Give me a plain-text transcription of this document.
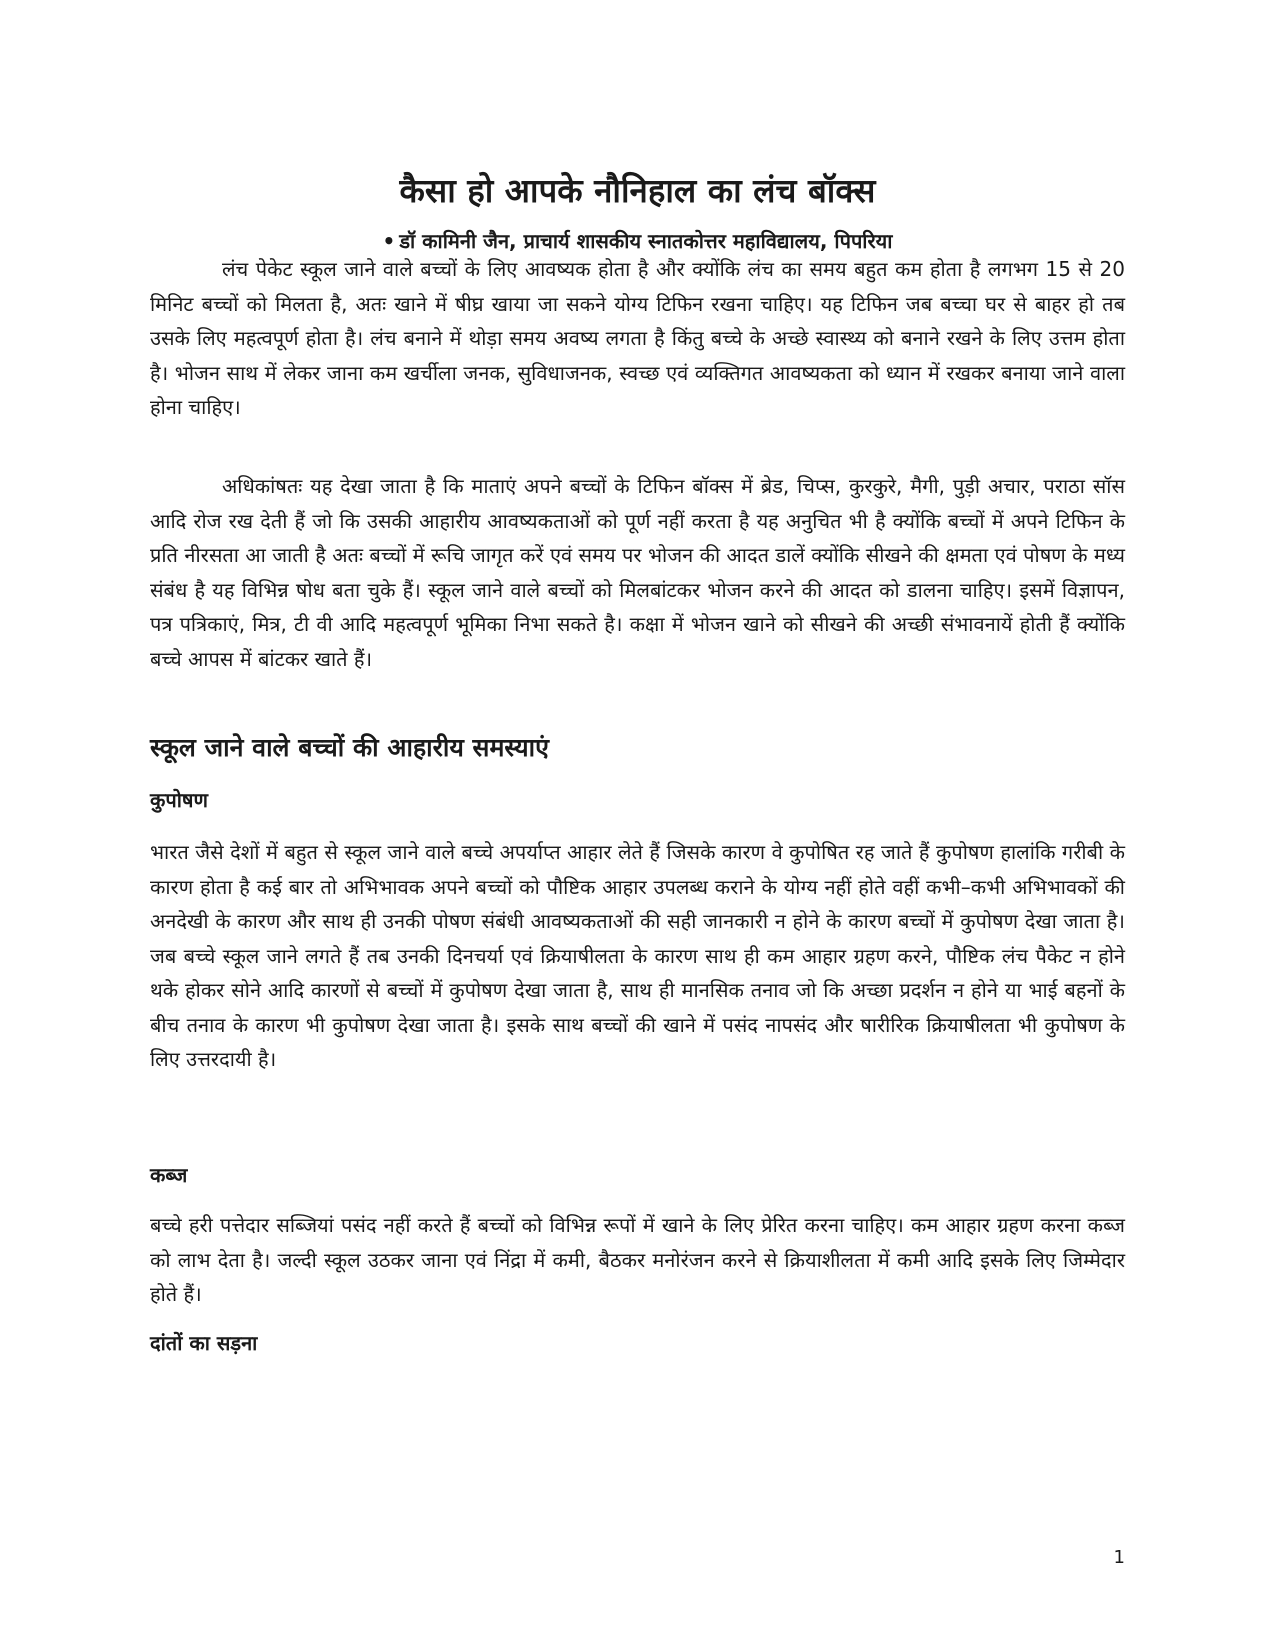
कैसा हो आपके नौनिहाल का लंच बॉक्स
• डॉ कामिनी जैन, प्राचार्य शासकीय स्नातकोत्तर महाविद्यालय, पिपरिया

लंच पेकेट स्कूल जाने वाले बच्चों के लिए आवष्यक होता है और क्योंकि लंच का समय बहुत कम होता है लगभग 15 से 20 मिनिट बच्चों को मिलता है, अतः खाने में षीघ्र खाया जा सकने योग्य टिफिन रखना चाहिए। यह टिफिन जब बच्चा घर से बाहर हो तब उसके लिए महत्वपूर्ण होता है। लंच बनाने में थोड़ा समय अवष्य लगता है किंतु बच्चे के अच्छे स्वास्थ्य को बनाने रखने के लिए उत्तम होता है। भोजन साथ में लेकर जाना कम खर्चीला जनक, सुविधाजनक, स्वच्छ एवं व्यक्तिगत आवष्यकता को ध्यान में रखकर बनाया जाने वाला होना चाहिए।

अधिकांषतः यह देखा जाता है कि माताएं अपने बच्चों के टिफिन बॉक्स में ब्रेड, चिप्स, कुरकुरे, मैगी, पुड़ी अचार, पराठा सॉस आदि रोज रख देती हैं जो कि उसकी आहारीय आवष्यकताओं को पूर्ण नहीं करता है यह अनुचित भी है क्योंकि बच्चों में अपने टिफिन के प्रति नीरसता आ जाती है अतः बच्चों में रूचि जागृत करें एवं समय पर भोजन की आदत डालें क्योंकि सीखने की क्षमता एवं पोषण के मध्य संबंध है यह विभिन्न षोध बता चुके हैं। स्कूल जाने वाले बच्चों को मिलबांटकर भोजन करने की आदत को डालना चाहिए। इसमें विज्ञापन, पत्र पत्रिकाएं, मित्र, टी वी आदि महत्वपूर्ण भूमिका निभा सकते है। कक्षा में भोजन खाने को सीखने की अच्छी संभावनायें होती हैं क्योंकि बच्चे आपस में बांटकर खाते हैं।

स्कूल जाने वाले बच्चों की आहारीय समस्याएं
कुपोषण

भारत जैसे देशों में बहुत से स्कूल जाने वाले बच्चे अपर्याप्त आहार लेते हैं जिसके कारण वे कुपोषित रह जाते हैं कुपोषण हालांकि गरीबी के कारण होता है कई बार तो अभिभावक अपने बच्चों को पौष्टिक आहार उपलब्ध कराने के योग्य नहीं होते वहीं कभी–कभी अभिभावकों की अनदेखी के कारण और साथ ही उनकी पोषण संबंधी आवष्यकताओं की सही जानकारी न होने के कारण बच्चों में कुपोषण देखा जाता है। जब बच्चे स्कूल जाने लगते हैं तब उनकी दिनचर्या एवं क्रियाषीलता के कारण साथ ही कम आहार ग्रहण करने, पौष्टिक लंच पैकेट न होने थके होकर सोने आदि कारणों से बच्चों में कुपोषण देखा जाता है, साथ ही मानसिक तनाव जो कि अच्छा प्रदर्शन न होने या भाई बहनों के बीच तनाव के कारण भी कुपोषण देखा जाता है। इसके साथ बच्चों की खाने में पसंद नापसंद और षारीरिक क्रियाषीलता भी कुपोषण के लिए उत्तरदायी है।

कब्ज

बच्चे हरी पत्तेदार सब्जियां पसंद नहीं करते हैं बच्चों को विभिन्न रूपों में खाने के लिए प्रेरित करना चाहिए। कम आहार ग्रहण करना कब्ज को लाभ देता है। जल्दी स्कूल उठकर जाना एवं निंद्रा में कमी, बैठकर मनोरंजन करने से क्रियाशीलता में कमी आदि इसके लिए जिम्मेदार होते हैं।

दांतों का सड़ना
1
